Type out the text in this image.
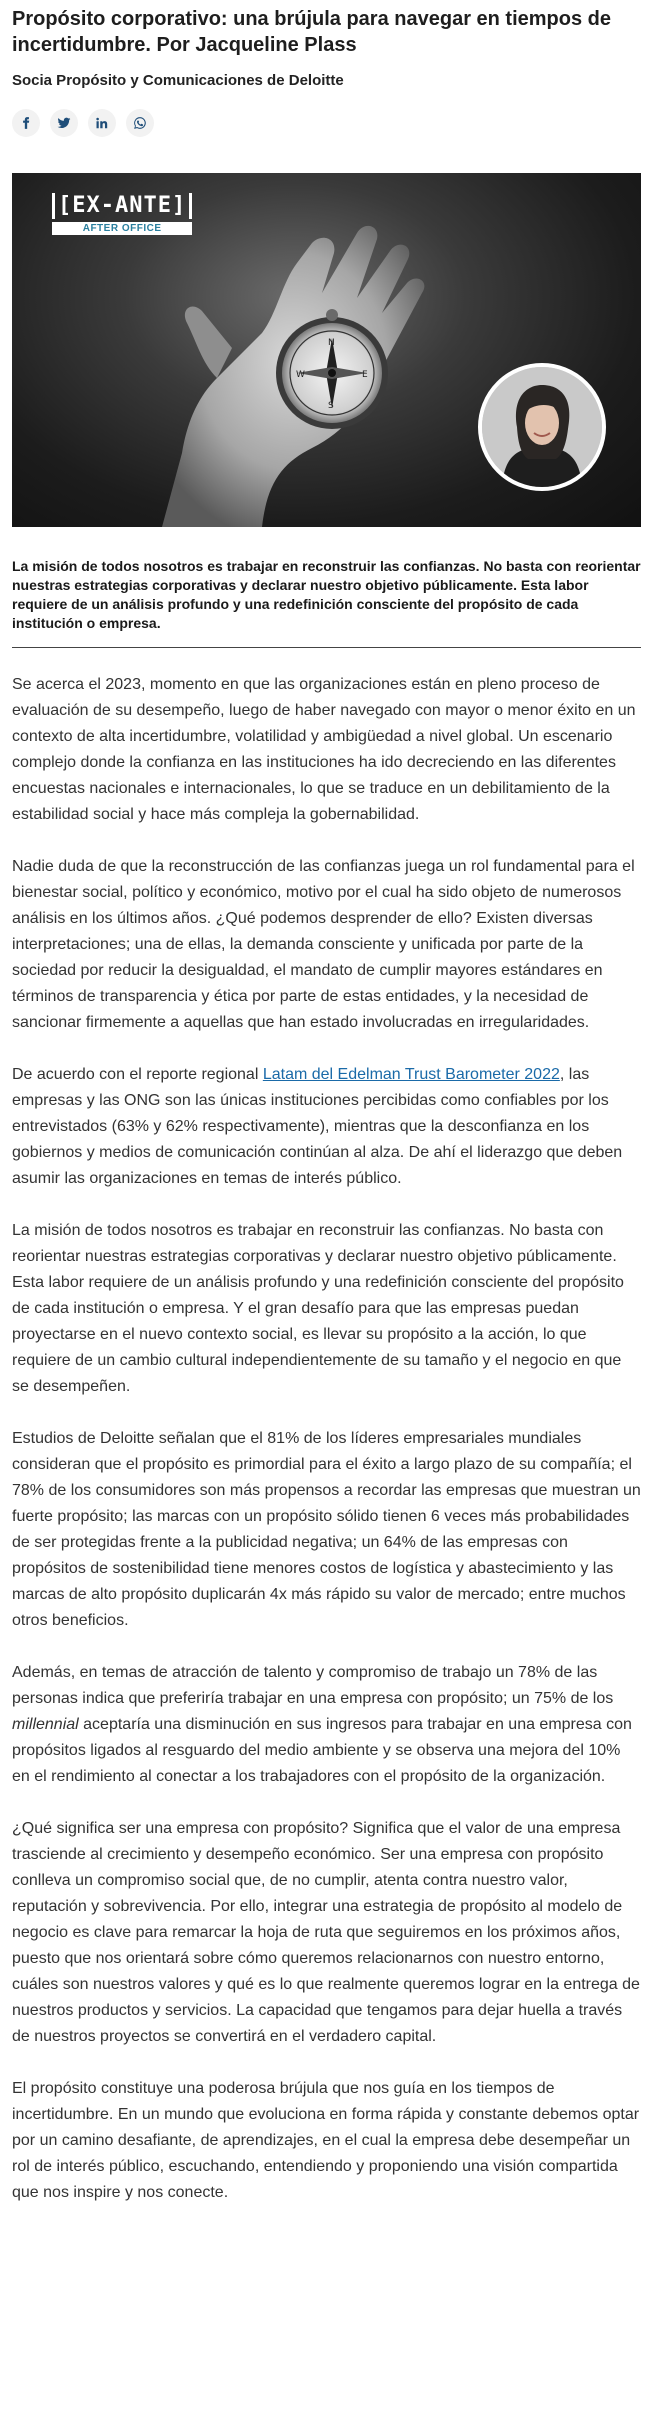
Propósito corporativo: una brújula para navegar en tiempos de incertidumbre. Por Jacqueline Plass
Socia Propósito y Comunicaciones de Deloitte
N
S
E
W
[EX-ANTE]
AFTER OFFICE

La misión de todos nosotros es trabajar en reconstruir las confianzas. No basta con reorientar nuestras estrategias corporativas y declarar nuestro objetivo públicamente. Esta labor requiere de un análisis profundo y una redefinición consciente del propósito de cada institución o empresa.

Se acerca el 2023, momento en que las organizaciones están en pleno proceso de evaluación de su desempeño, luego de haber navegado con mayor o menor éxito en un contexto de alta incertidumbre, volatilidad y ambigüedad a nivel global. Un escenario complejo donde la confianza en las instituciones ha ido decreciendo en las diferentes encuestas nacionales e internacionales, lo que se traduce en un debilitamiento de la estabilidad social y hace más compleja la gobernabilidad.

Nadie duda de que la reconstrucción de las confianzas juega un rol fundamental para el bienestar social, político y económico, motivo por el cual ha sido objeto de numerosos análisis en los últimos años. ¿Qué podemos desprender de ello? Existen diversas interpretaciones; una de ellas, la demanda consciente y unificada por parte de la sociedad por reducir la desigualdad, el mandato de cumplir mayores estándares en términos de transparencia y ética por parte de estas entidades, y la necesidad de sancionar firmemente a aquellas que han estado involucradas en irregularidades.

De acuerdo con el reporte regional Latam del Edelman Trust Barometer 2022, las empresas y las ONG son las únicas instituciones percibidas como confiables por los entrevistados (63% y 62% respectivamente), mientras que la desconfianza en los gobiernos y medios de comunicación continúan al alza. De ahí el liderazgo que deben asumir las organizaciones en temas de interés público.

La misión de todos nosotros es trabajar en reconstruir las confianzas. No basta con reorientar nuestras estrategias corporativas y declarar nuestro objetivo públicamente. Esta labor requiere de un análisis profundo y una redefinición consciente del propósito de cada institución o empresa. Y el gran desafío para que las empresas puedan proyectarse en el nuevo contexto social, es llevar su propósito a la acción, lo que requiere de un cambio cultural independientemente de su tamaño y el negocio en que se desempeñen.

Estudios de Deloitte señalan que el 81% de los líderes empresariales mundiales consideran que el propósito es primordial para el éxito a largo plazo de su compañía; el 78% de los consumidores son más propensos a recordar las empresas que muestran un fuerte propósito; las marcas con un propósito sólido tienen 6 veces más probabilidades de ser protegidas frente a la publicidad negativa; un 64% de las empresas con propósitos de sostenibilidad tiene menores costos de logística y abastecimiento y las marcas de alto propósito duplicarán 4x más rápido su valor de mercado; entre muchos otros beneficios.

Además, en temas de atracción de talento y compromiso de trabajo un 78% de las personas indica que preferiría trabajar en una empresa con propósito; un 75% de los millennial aceptaría una disminución en sus ingresos para trabajar en una empresa con propósitos ligados al resguardo del medio ambiente y se observa una mejora del 10% en el rendimiento al conectar a los trabajadores con el propósito de la organización.

¿Qué significa ser una empresa con propósito? Significa que el valor de una empresa trasciende al crecimiento y desempeño económico. Ser una empresa con propósito conlleva un compromiso social que, de no cumplir, atenta contra nuestro valor, reputación y sobrevivencia. Por ello, integrar una estrategia de propósito al modelo de negocio es clave para remarcar la hoja de ruta que seguiremos en los próximos años, puesto que nos orientará sobre cómo queremos relacionarnos con nuestro entorno, cuáles son nuestros valores y qué es lo que realmente queremos lograr en la entrega de nuestros productos y servicios. La capacidad que tengamos para dejar huella a través de nuestros proyectos se convertirá en el verdadero capital.

El propósito constituye una poderosa brújula que nos guía en los tiempos de incertidumbre. En un mundo que evoluciona en forma rápida y constante debemos optar por un camino desafiante, de aprendizajes, en el cual la empresa debe desempeñar un rol de interés público, escuchando, entendiendo y proponiendo una visión compartida que nos inspire y nos conecte.
